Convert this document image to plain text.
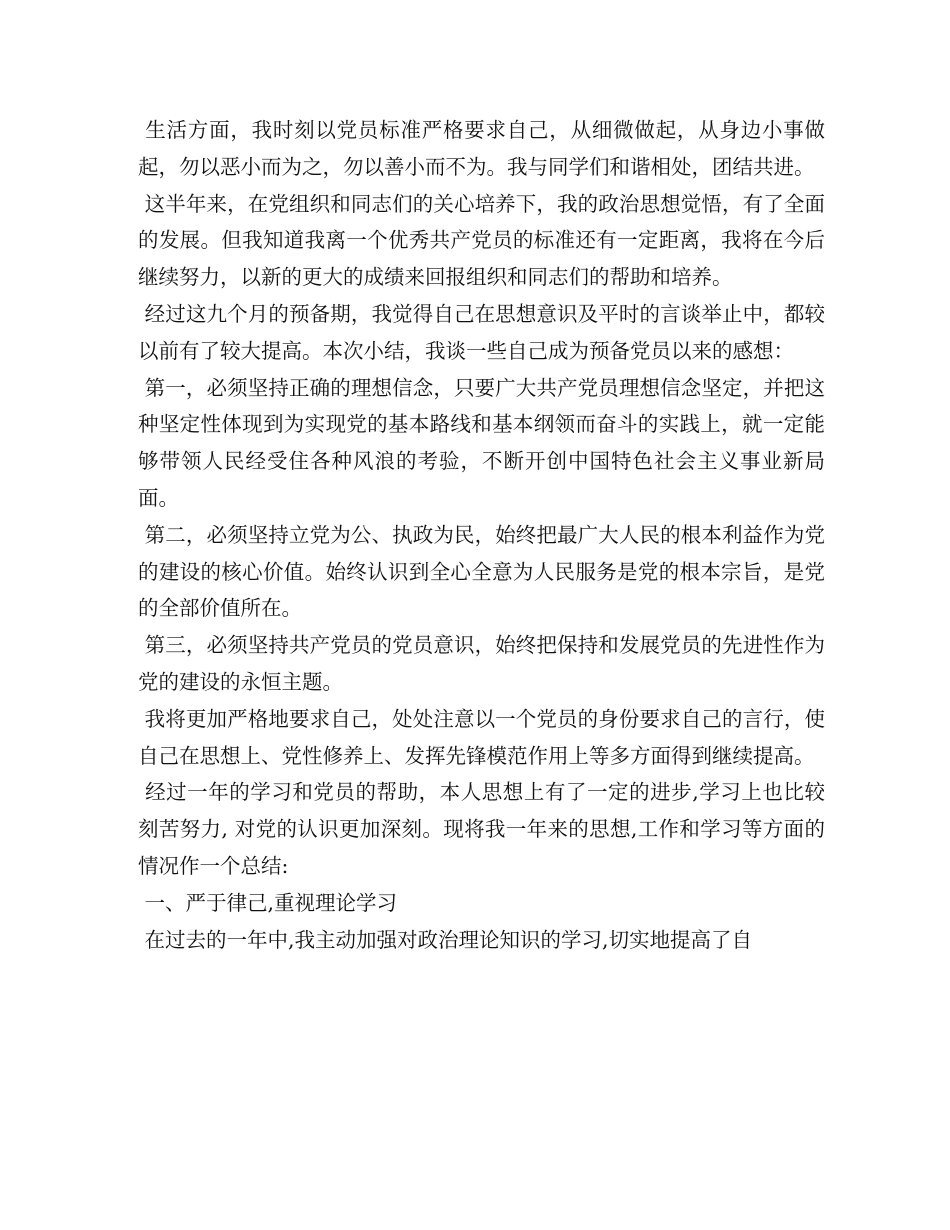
生活方面，我时刻以党员标准严格要求自己，从细微做起，从身边小事做起，勿以恶小而为之，勿以善小而不为。我与同学们和谐相处，团结共进。

这半年来，在党组织和同志们的关心培养下，我的政治思想觉悟，有了全面的发展。但我知道我离一个优秀共产党员的标准还有一定距离，我将在今后继续努力，以新的更大的成绩来回报组织和同志们的帮助和培养。

经过这九个月的预备期，我觉得自己在思想意识及平时的言谈举止中，都较以前有了较大提高。本次小结，我谈一些自己成为预备党员以来的感想：

第一，必须坚持正确的理想信念，只要广大共产党员理想信念坚定，并把这种坚定性体现到为实现党的基本路线和基本纲领而奋斗的实践上，就一定能够带领人民经受住各种风浪的考验，不断开创中国特色社会主义事业新局面。

第二，必须坚持立党为公、执政为民，始终把最广大人民的根本利益作为党的建设的核心价值。始终认识到全心全意为人民服务是党的根本宗旨，是党的全部价值所在。

第三，必须坚持共产党员的党员意识，始终把保持和发展党员的先进性作为党的建设的永恒主题。

我将更加严格地要求自己，处处注意以一个党员的身份要求自己的言行，使自己在思想上、党性修养上、发挥先锋模范作用上等多方面得到继续提高。

经过一年的学习和党员的帮助，本人思想上有了一定的进步,学习上也比较刻苦努力, 对党的认识更加深刻。现将我一年来的思想,工作和学习等方面的情况作一个总结:

一、严于律己,重视理论学习

在过去的一年中,我主动加强对政治理论知识的学习,切实地提高了自
